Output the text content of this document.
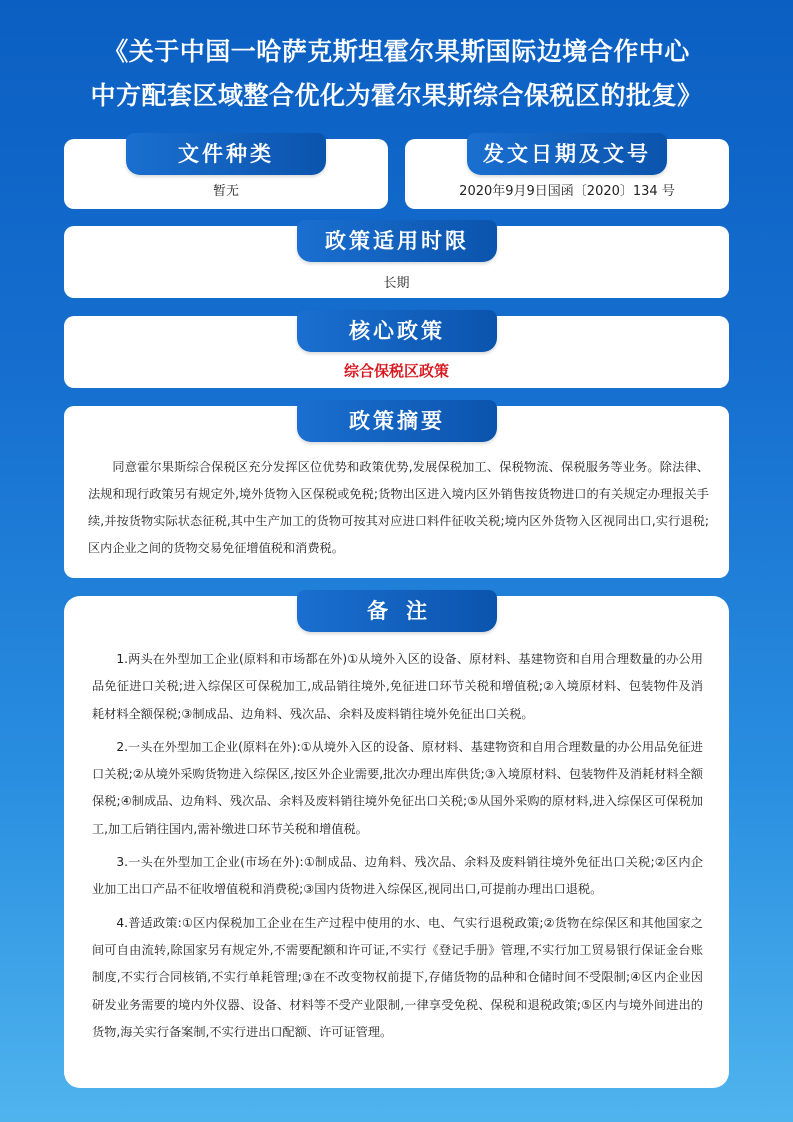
《关于中国一哈萨克斯坦霍尔果斯国际边境合作中心
中方配套区域整合优化为霍尔果斯综合保税区的批复》
文件种类
暂无
发文日期及文号
2020年9月9日国函〔2020〕134 号
政策适用时限
长期
核心政策
综合保税区政策
政策摘要

同意霍尔果斯综合保税区充分发挥区位优势和政策优势,发展保税加工、保税物流、保税服务等业务。除法律、法规和现行政策另有规定外,境外货物入区保税或免税;货物出区进入境内区外销售按货物进口的有关规定办理报关手续,并按货物实际状态征税,其中生产加工的货物可按其对应进口料件征收关税;境内区外货物入区视同出口,实行退税;区内企业之间的货物交易免征增值税和消费税。

备注

1.两头在外型加工企业(原料和市场都在外)①从境外入区的设备、原材料、基建物资和自用合理数量的办公用品免征进口关税;进入综保区可保税加工,成品销往境外,免征进口环节关税和增值税;②入境原材料、包装物件及消耗材料全额保税;③制成品、边角料、残次品、余料及废料销往境外免征出口关税。

2.一头在外型加工企业(原料在外):①从境外入区的设备、原材料、基建物资和自用合理数量的办公用品免征进口关税;②从境外采购货物进入综保区,按区外企业需要,批次办理出库供货;③入境原材料、包装物件及消耗材料全额保税;④制成品、边角料、残次品、余料及废料销往境外免征出口关税;⑤从国外采购的原材料,进入综保区可保税加工,加工后销往国内,需补缴进口环节关税和增值税。

3.一头在外型加工企业(市场在外):①制成品、边角料、残次品、余料及废料销往境外免征出口关税;②区内企业加工出口产品不征收增值税和消费税;③国内货物进入综保区,视同出口,可提前办理出口退税。

4.普适政策:①区内保税加工企业在生产过程中使用的水、电、气实行退税政策;②货物在综保区和其他国家之间可自由流转,除国家另有规定外,不需要配额和许可证,不实行《登记手册》管理,不实行加工贸易银行保证金台账制度,不实行合同核销,不实行单耗管理;③在不改变物权前提下,存储货物的品种和仓储时间不受限制;④区内企业因研发业务需要的境内外仪器、设备、材料等不受产业限制,一律享受免税、保税和退税政策;⑤区内与境外间进出的货物,海关实行备案制,不实行进出口配额、许可证管理。
